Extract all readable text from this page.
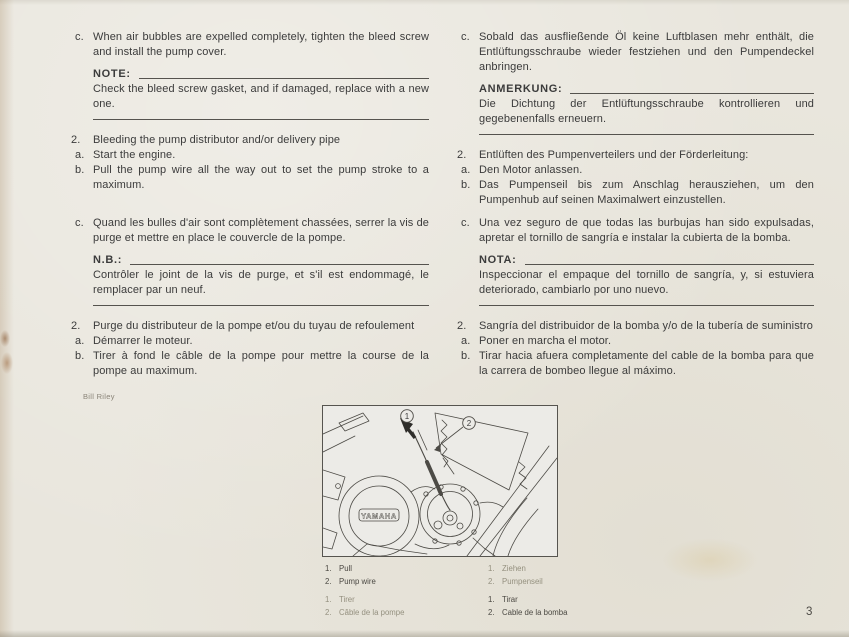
c. When air bubbles are expelled completely, tighten the bleed screw and install the pump cover.
NOTE:
Check the bleed screw gasket, and if damaged, replace with a new one.
2.	Bleeding the pump distributor and/or delivery pipe
a. Start the engine.
b. Pull the pump wire all the way out to set the pump stroke to a maximum.
c. Sobald das ausfließende Öl keine Luftblasen mehr enthält, die Entlüftungsschraube wieder festziehen und den Pumpendeckel anbringen.
ANMERKUNG:
Die Dichtung der Entlüftungsschraube kontrollieren und gegebenenfalls erneuern.
2.	Entlüften des Pumpenverteilers und der Förderleitung:
a. Den Motor anlassen.
b. Das Pumpenseil bis zum Anschlag herausziehen, um den Pumpenhub auf seinen Maximalwert einzustellen.
c. Quand les bulles d'air sont complètement chassées, serrer la vis de purge et mettre en place le couvercle de la pompe.
N.B.:
Contrôler le joint de la vis de purge, et s'il est endommagé, le remplacer par un neuf.
2.	Purge du distributeur de la pompe et/ou du tuyau de refoulement
a. Démarrer le moteur.
b. Tirer à fond le câble de la pompe pour mettre la course de la pompe au maximum.
c. Una vez seguro de que todas las burbujas han sido expulsadas, apretar el tornillo de sangría e instalar la cubierta de la bomba.
NOTA:
Inspeccionar el empaque del tornillo de sangría, y, si estuviera deteriorado, cambiarlo por uno nuevo.
2.	Sangría del distribuidor de la bomba y/o de la tubería de suministro
a. Poner en marcha el motor.
b. Tirar hacia afuera completamente del cable de la bomba para que la carrera de bombeo llegue al máximo.
Bill Riley
1
2
YAMAHA
1. Pull
2. Pump wire
1. Tirer
2. Câble de la pompe
1. Ziehen
2. Pumpenseil
1. Tirar
2. Cable de la bomba	3
